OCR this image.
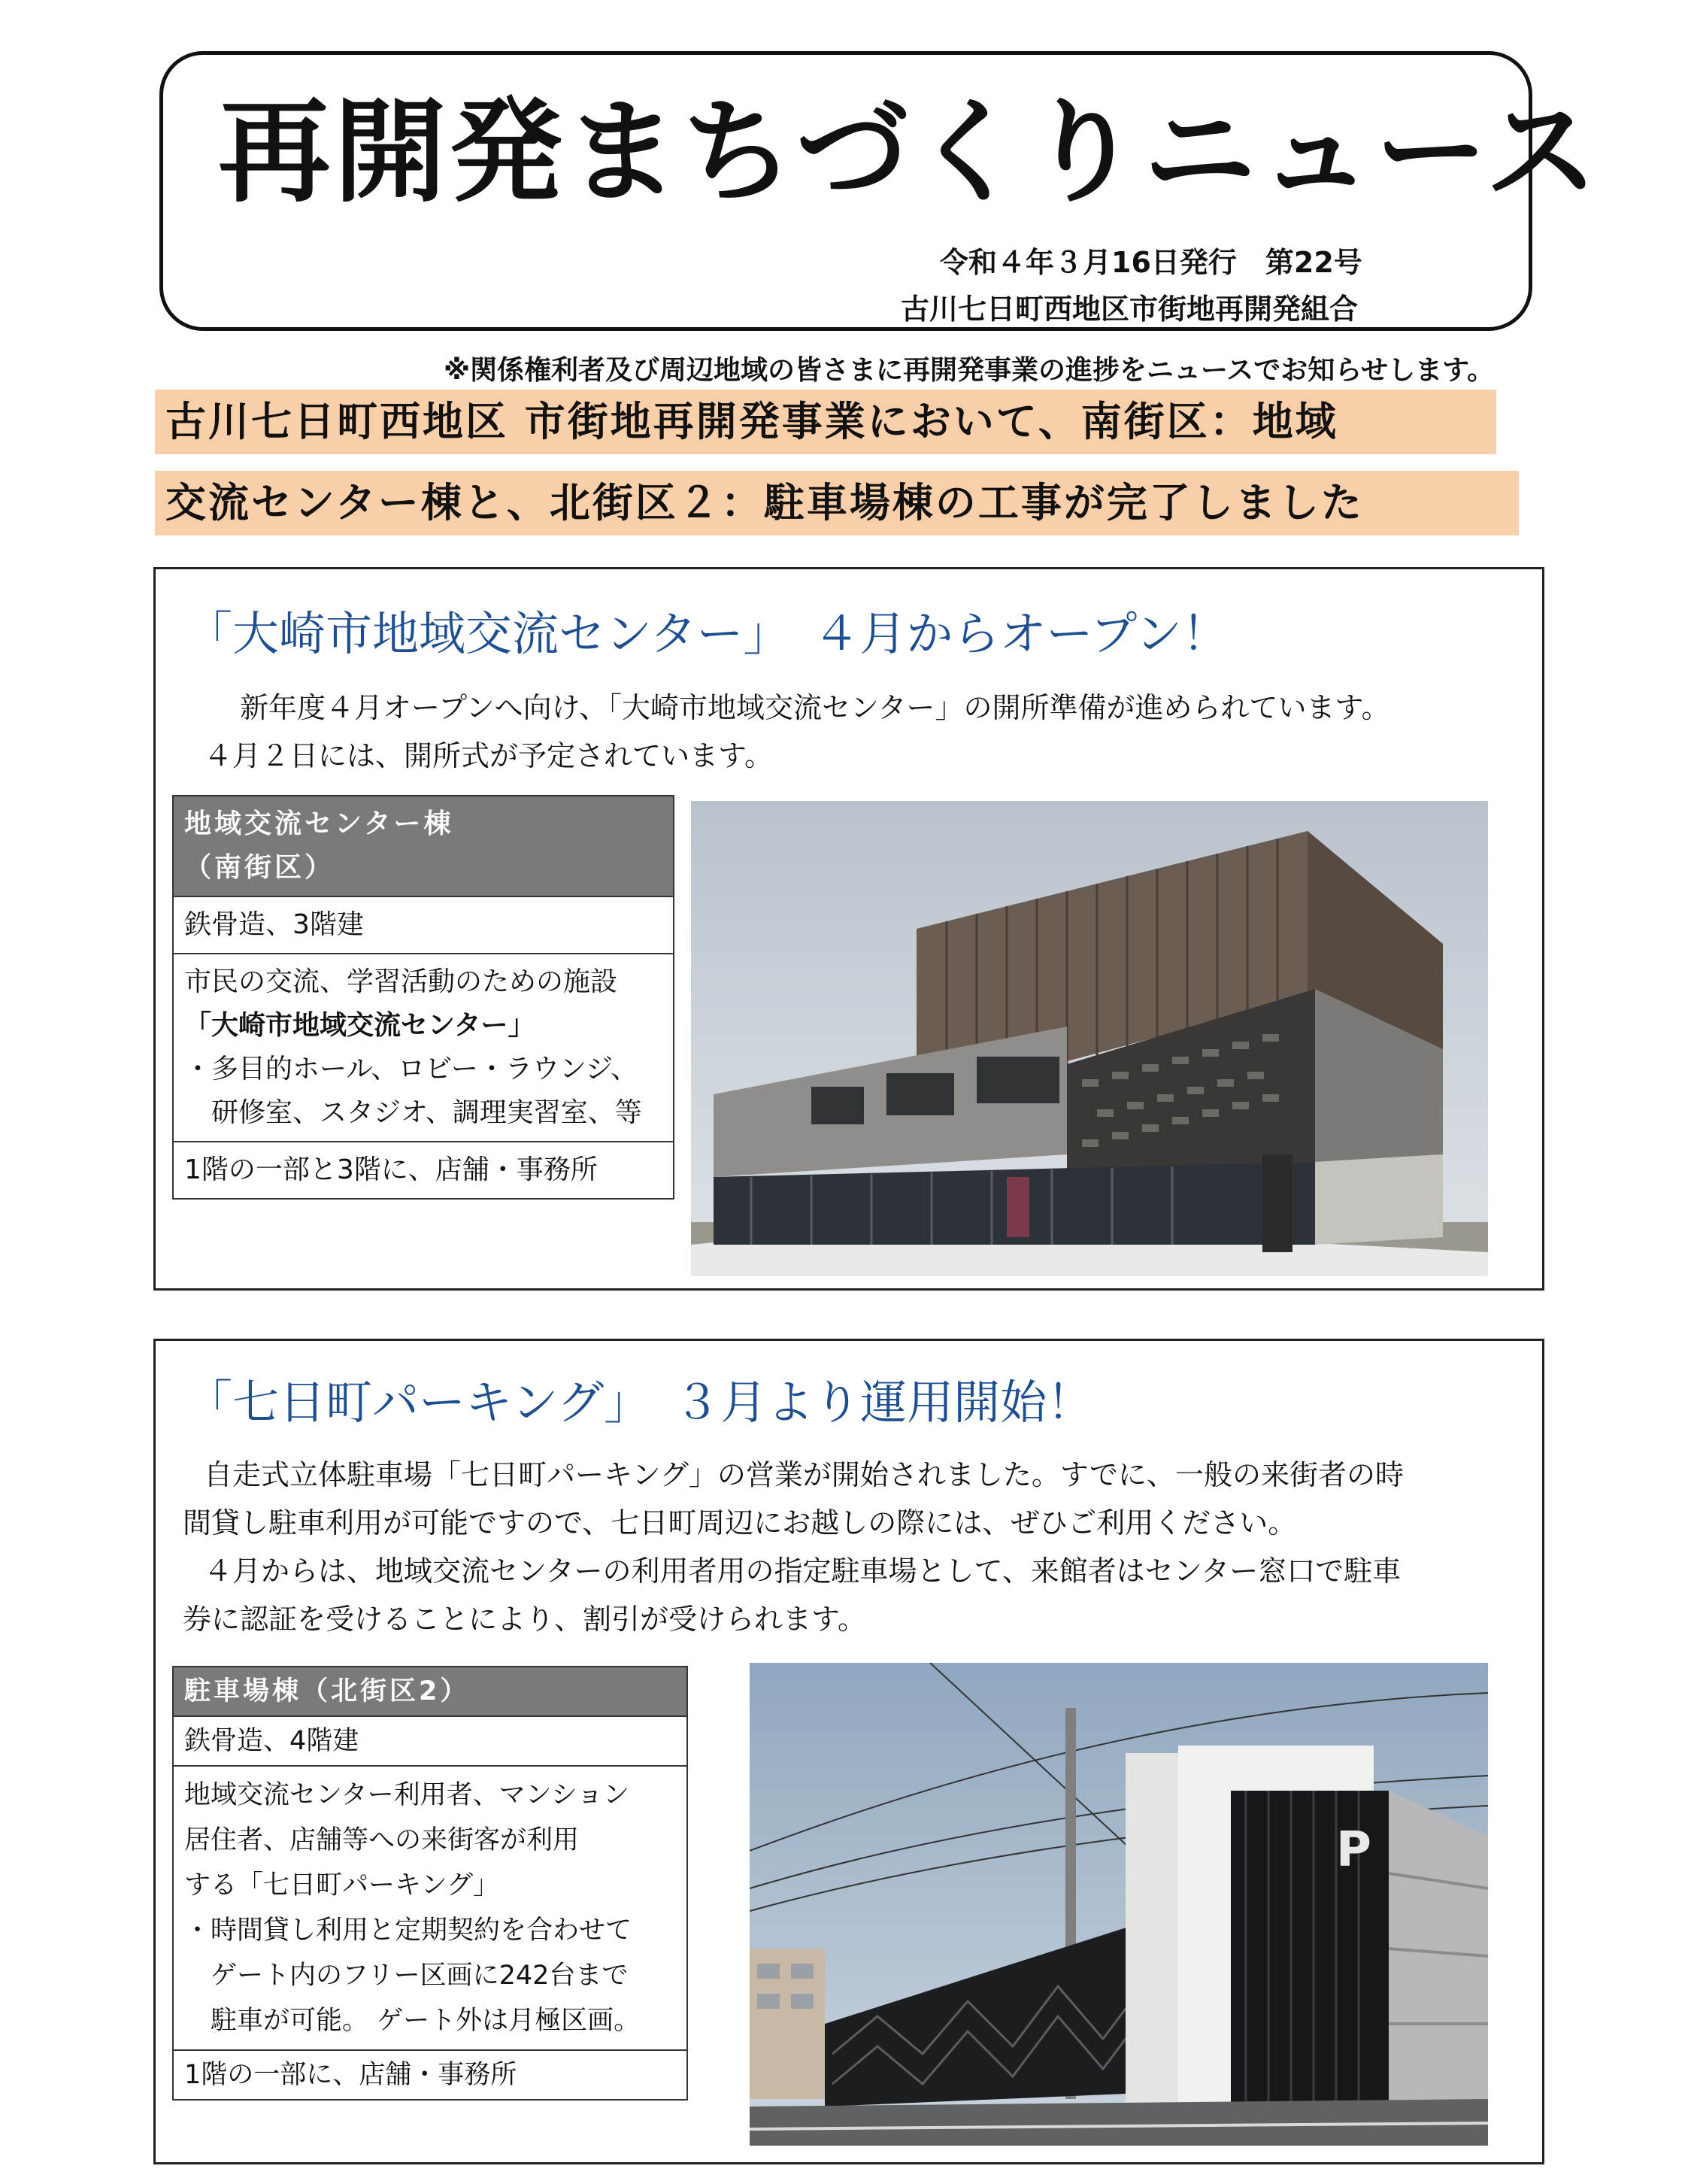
再開発まちづくりニュース
令和４年３月16日発行　第22号
古川七日町西地区市街地再開発組合
※関係権利者及び周辺地域の皆さまに再開発事業の進捗をニュースでお知らせします。
古川七日町西地区 市街地再開発事業において、南街区：地域
交流センター棟と、北街区２：駐車場棟の工事が完了しました
「大崎市地域交流センター」　４月からオープン！
新年度４月オープンへ向け、「大崎市地域交流センター」の開所準備が進められています。
４月２日には、開所式が予定されています。
地域交流センター棟
（南街区）

鉄骨造、3階建

市民の交流、学習活動のための施設
「大崎市地域交流センター」
・多目的ホール、ロビー・ラウンジ、
　研修室、スタジオ、調理実習室、等

1階の一部と3階に、店舗・事務所
「七日町パーキング」　３月より運用開始！
自走式立体駐車場「七日町パーキング」の営業が開始されました。すでに、一般の来街者の時
間貸し駐車利用が可能ですので、七日町周辺にお越しの際には、ぜひご利用ください。
４月からは、地域交流センターの利用者用の指定駐車場として、来館者はセンター窓口で駐車
券に認証を受けることにより、割引が受けられます。
駐車場棟（北街区2）
鉄骨造、4階建

地域交流センター利用者、マンション
居住者、店舗等への来街客が利用
する「七日町パーキング」
・時間貸し利用と定期契約を合わせて
　ゲート内のフリー区画に242台まで
　駐車が可能。 ゲート外は月極区画。

1階の一部に、店舗・事務所
P
